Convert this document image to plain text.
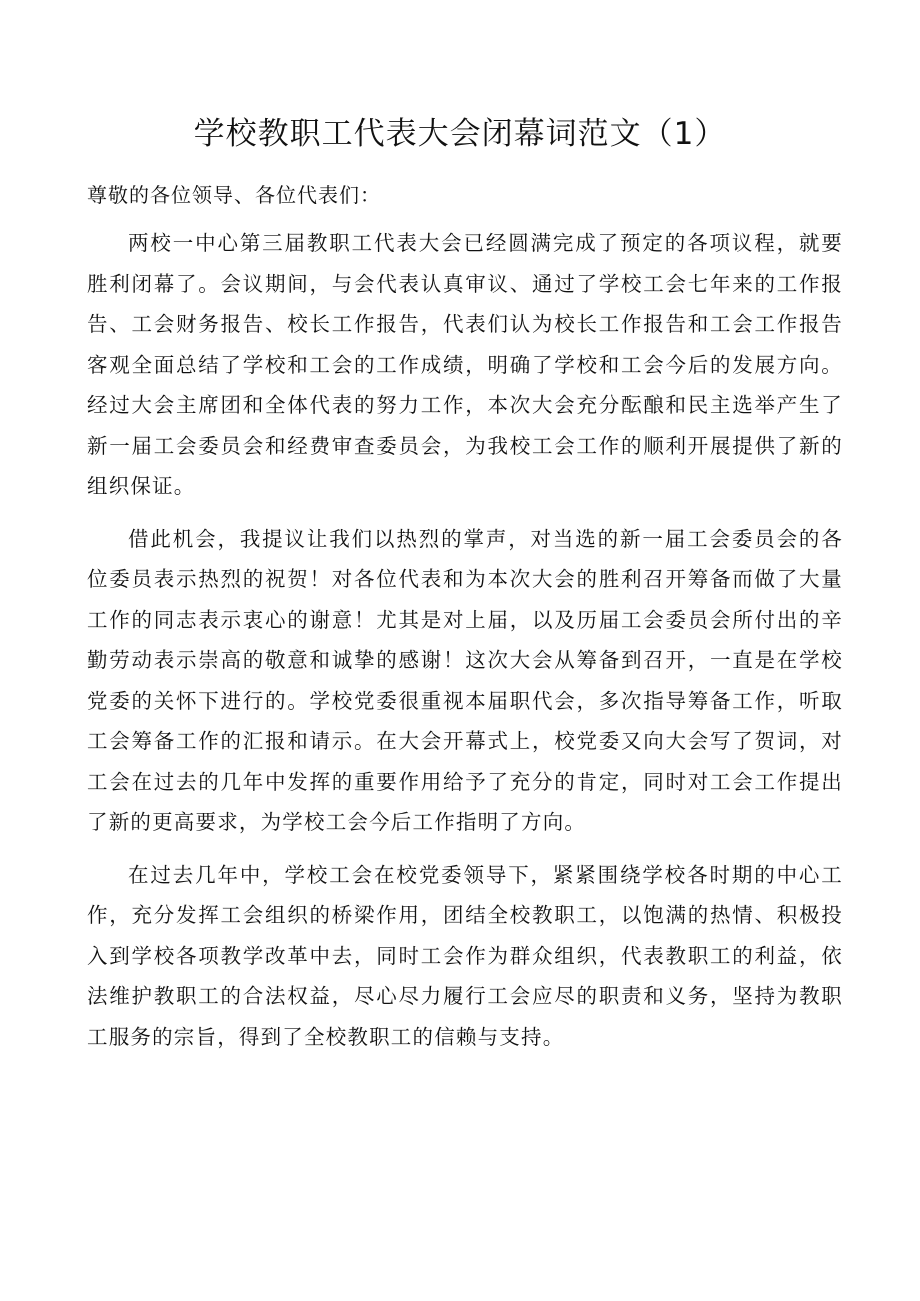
学校教职工代表大会闭幕词范文（1）

尊敬的各位领导、各位代表们：

两校一中心第三届教职工代表大会已经圆满完成了预定的各项议程，就要胜利闭幕了。会议期间，与会代表认真审议、通过了学校工会七年来的工作报告、工会财务报告、校长工作报告，代表们认为校长工作报告和工会工作报告客观全面总结了学校和工会的工作成绩，明确了学校和工会今后的发展方向。经过大会主席团和全体代表的努力工作，本次大会充分酝酿和民主选举产生了新一届工会委员会和经费审查委员会，为我校工会工作的顺利开展提供了新的组织保证。

借此机会，我提议让我们以热烈的掌声，对当选的新一届工会委员会的各位委员表示热烈的祝贺！对各位代表和为本次大会的胜利召开筹备而做了大量工作的同志表示衷心的谢意！尤其是对上届，以及历届工会委员会所付出的辛勤劳动表示崇高的敬意和诚挚的感谢！这次大会从筹备到召开，一直是在学校党委的关怀下进行的。学校党委很重视本届职代会，多次指导筹备工作，听取工会筹备工作的汇报和请示。在大会开幕式上，校党委又向大会写了贺词，对工会在过去的几年中发挥的重要作用给予了充分的肯定，同时对工会工作提出了新的更高要求，为学校工会今后工作指明了方向。

在过去几年中，学校工会在校党委领导下，紧紧围绕学校各时期的中心工作，充分发挥工会组织的桥梁作用，团结全校教职工，以饱满的热情、积极投入到学校各项教学改革中去，同时工会作为群众组织，代表教职工的利益，依法维护教职工的合法权益，尽心尽力履行工会应尽的职责和义务，坚持为教职工服务的宗旨，得到了全校教职工的信赖与支持。
